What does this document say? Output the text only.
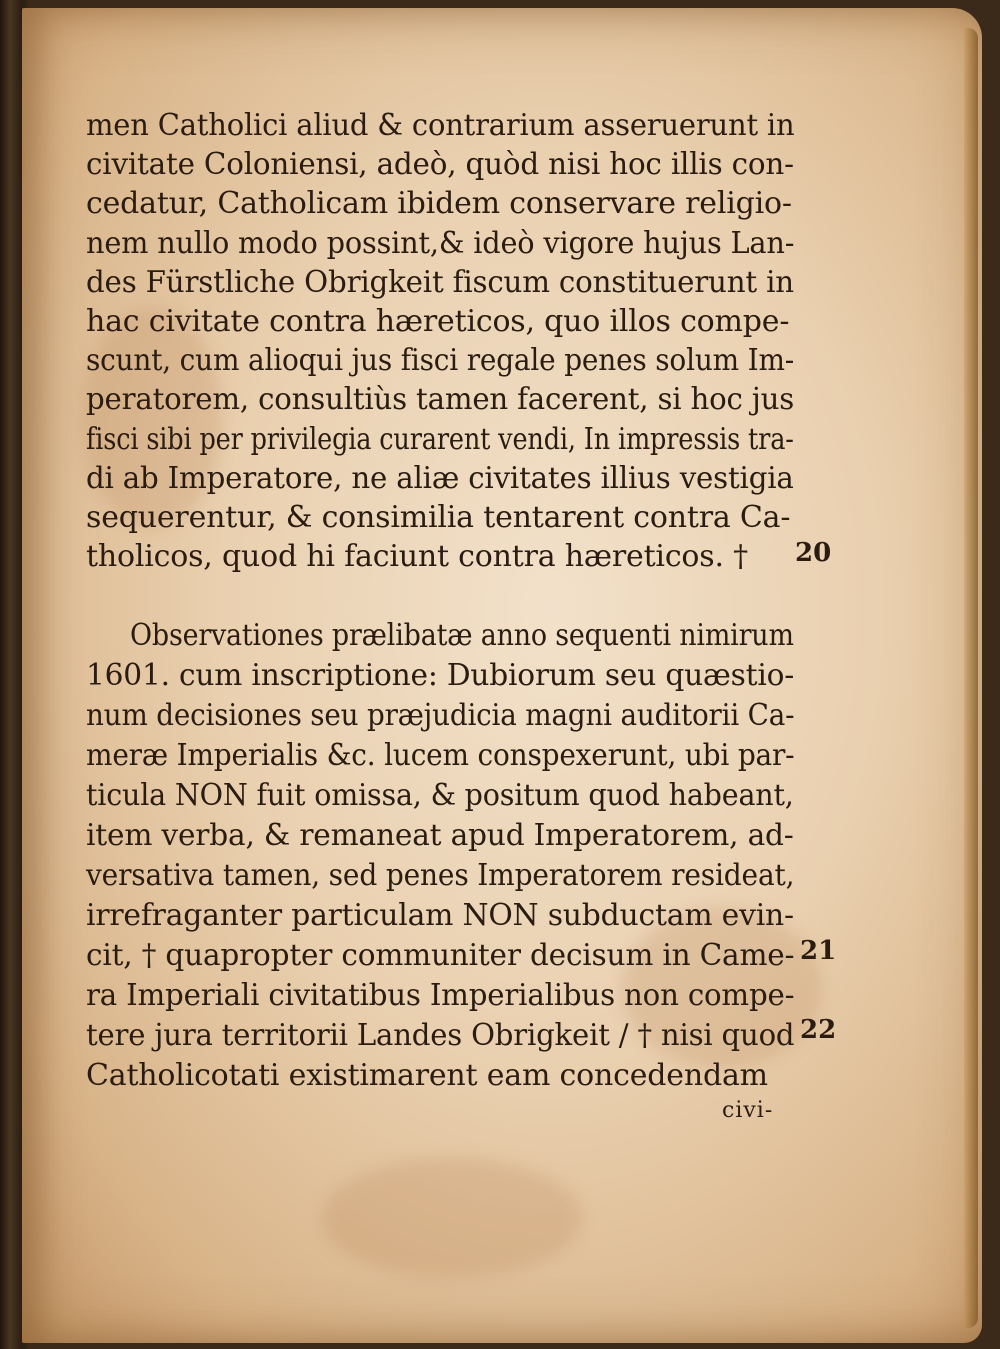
men Catholici aliud & contrarium asseruerunt in
civitate Coloniensi, adeò, quòd nisi hoc illis con-
cedatur, Catholicam ibidem conservare religio-
nem nullo modo possint,& ideò vigore hujus Lan-
des Fürstliche Obrigkeit fiscum constituerunt in
hac civitate contra hæreticos, quo illos compe-
scunt, cum alioqui jus fisci regale penes solum Im-
peratorem, consultiùs tamen facerent, si hoc jus
fisci sibi per privilegia curarent vendi, In impressis tra-
di ab Imperatore, ne aliæ civitates illius vestigia
sequerentur, & consimilia tentarent contra Ca-
tholicos, quod hi faciunt contra hæreticos. †
Observationes prælibatæ anno sequenti nimirum
1601. cum inscriptione: Dubiorum seu quæstio-
num decisiones seu præjudicia magni auditorii Ca-
meræ Imperialis &c. lucem conspexerunt, ubi par-
ticula NON fuit omissa, & positum quod habeant,
item verba, & remaneat apud Imperatorem, ad-
versativa tamen, sed penes Imperatorem resideat,
irrefraganter particulam NON subductam evin-
cit, † quapropter communiter decisum in Came-
ra Imperiali civitatibus Imperialibus non compe-
tere jura territorii Landes Obrigkeit / † nisi quod
Catholicotati existimarent eam concedendam
20
21
22
civi-
